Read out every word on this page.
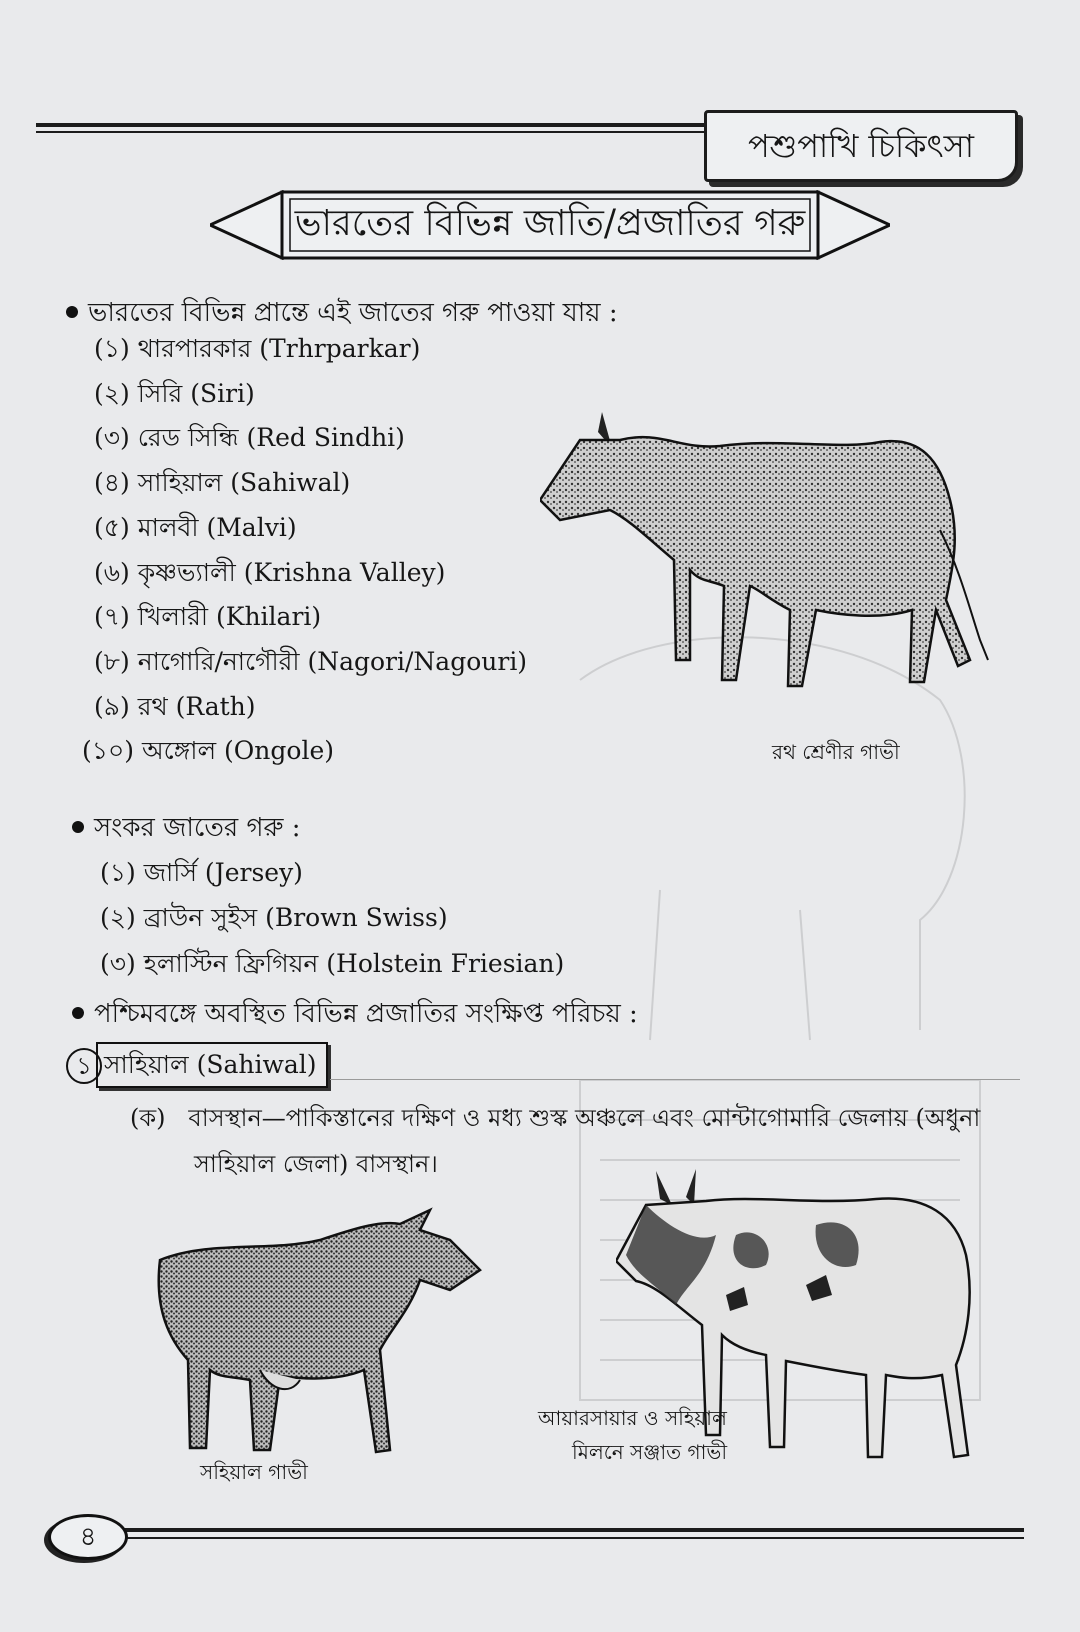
পশুপাখি চিকিৎসা
ভারতের বিভিন্ন জাতি/প্রজাতির গরু
ভারতের বিভিন্ন প্রান্তে এই জাতের গরু পাওয়া যায় :
(১) থারপারকার (Trhrparkar)
(২) সিরি (Siri)
(৩) রেড সিন্ধি (Red Sindhi)
(৪) সাহিয়াল (Sahiwal)
(৫) মালবী (Malvi)
(৬) কৃষ্ণভ্যালী (Krishna Valley)
(৭) খিলারী (Khilari)
(৮) নাগোরি/নাগৌরী (Nagori/Nagouri)
(৯) রথ (Rath)
(১০) অঙ্গোল (Ongole)	রথ শ্রেণীর গাভী
সংকর জাতের গরু :
(১) জার্সি (Jersey)
(২) ব্রাউন সুইস (Brown Swiss)
(৩) হলাস্টিন ফ্রিগিয়ন (Holstein Friesian)
পশ্চিমবঙ্গে অবস্থিত বিভিন্ন প্রজাতির সংক্ষিপ্ত পরিচয় :
১ সাহিয়াল (Sahiwal)
(ক) বাসস্থান—পাকিস্তানের দক্ষিণ ও মধ্য শুস্ক অঞ্চলে এবং মোন্টাগোমারি জেলায় (অধুনা
সাহিয়াল জেলা) বাসস্থান।
সহিয়াল গাভী
আয়ারসায়ার ও সহিয়াল
মিলনে সঞ্জাত গাভী
৪
